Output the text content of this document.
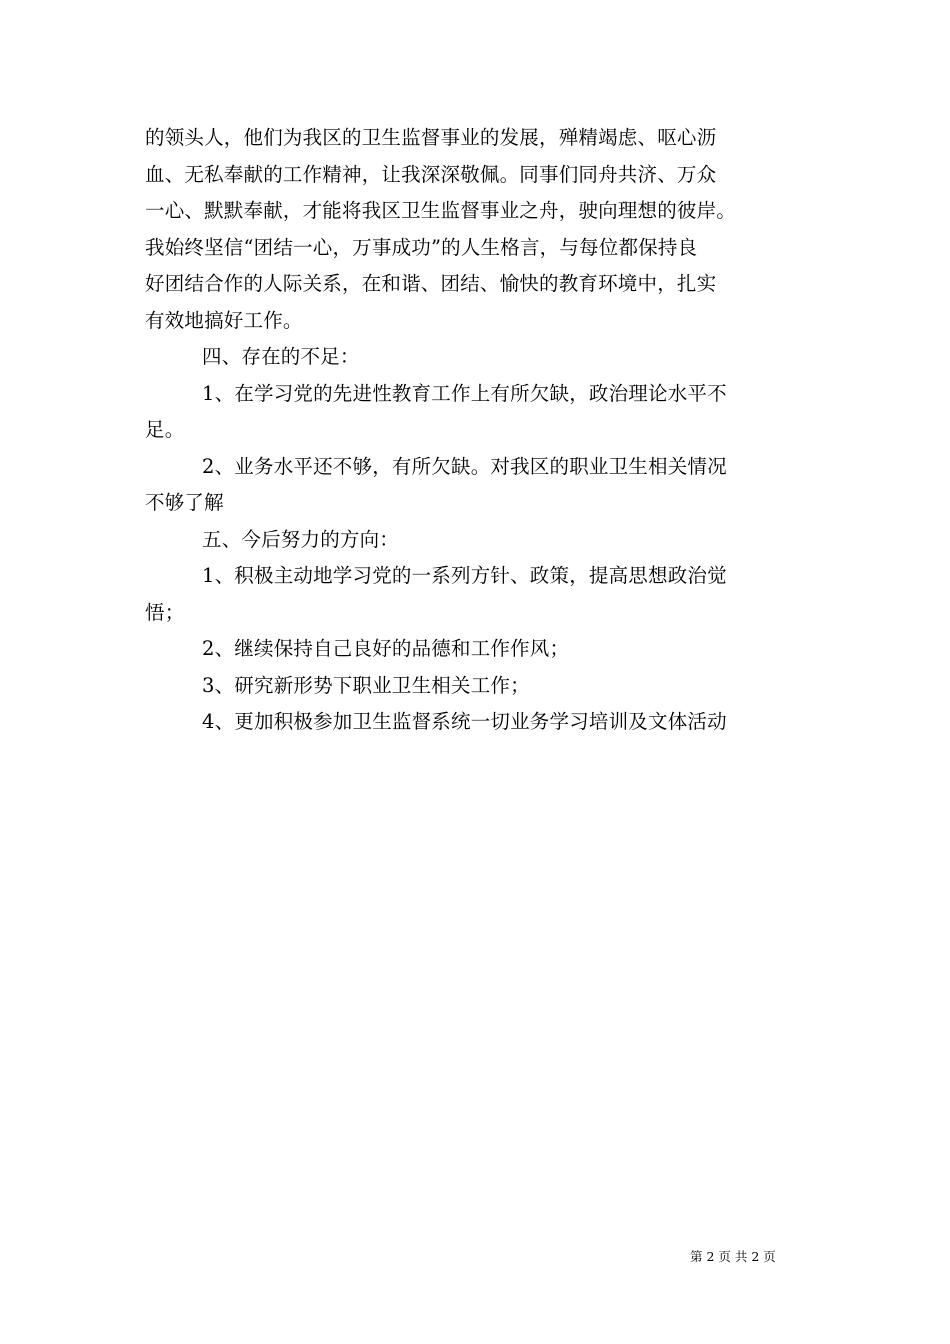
的领头人，他们为我区的卫生监督事业的发展，殚精竭虑、呕心沥
血、无私奉献的工作精神，让我深深敬佩。同事们同舟共济、万众
一心、默默奉献，才能将我区卫生监督事业之舟，驶向理想的彼岸。
我始终坚信“团结一心，万事成功”的人生格言，与每位都保持良
好团结合作的人际关系，在和谐、团结、愉快的教育环境中，扎实
有效地搞好工作。
四、存在的不足：
1、在学习党的先进性教育工作上有所欠缺，政治理论水平不
足。
2、业务水平还不够，有所欠缺。对我区的职业卫生相关情况
不够了解
五、今后努力的方向：
1、积极主动地学习党的一系列方针、政策，提高思想政治觉
悟；
2、继续保持自己良好的品德和工作作风；
3、研究新形势下职业卫生相关工作；
4、更加积极参加卫生监督系统一切业务学习培训及文体活动
第 2 页 共 2 页
